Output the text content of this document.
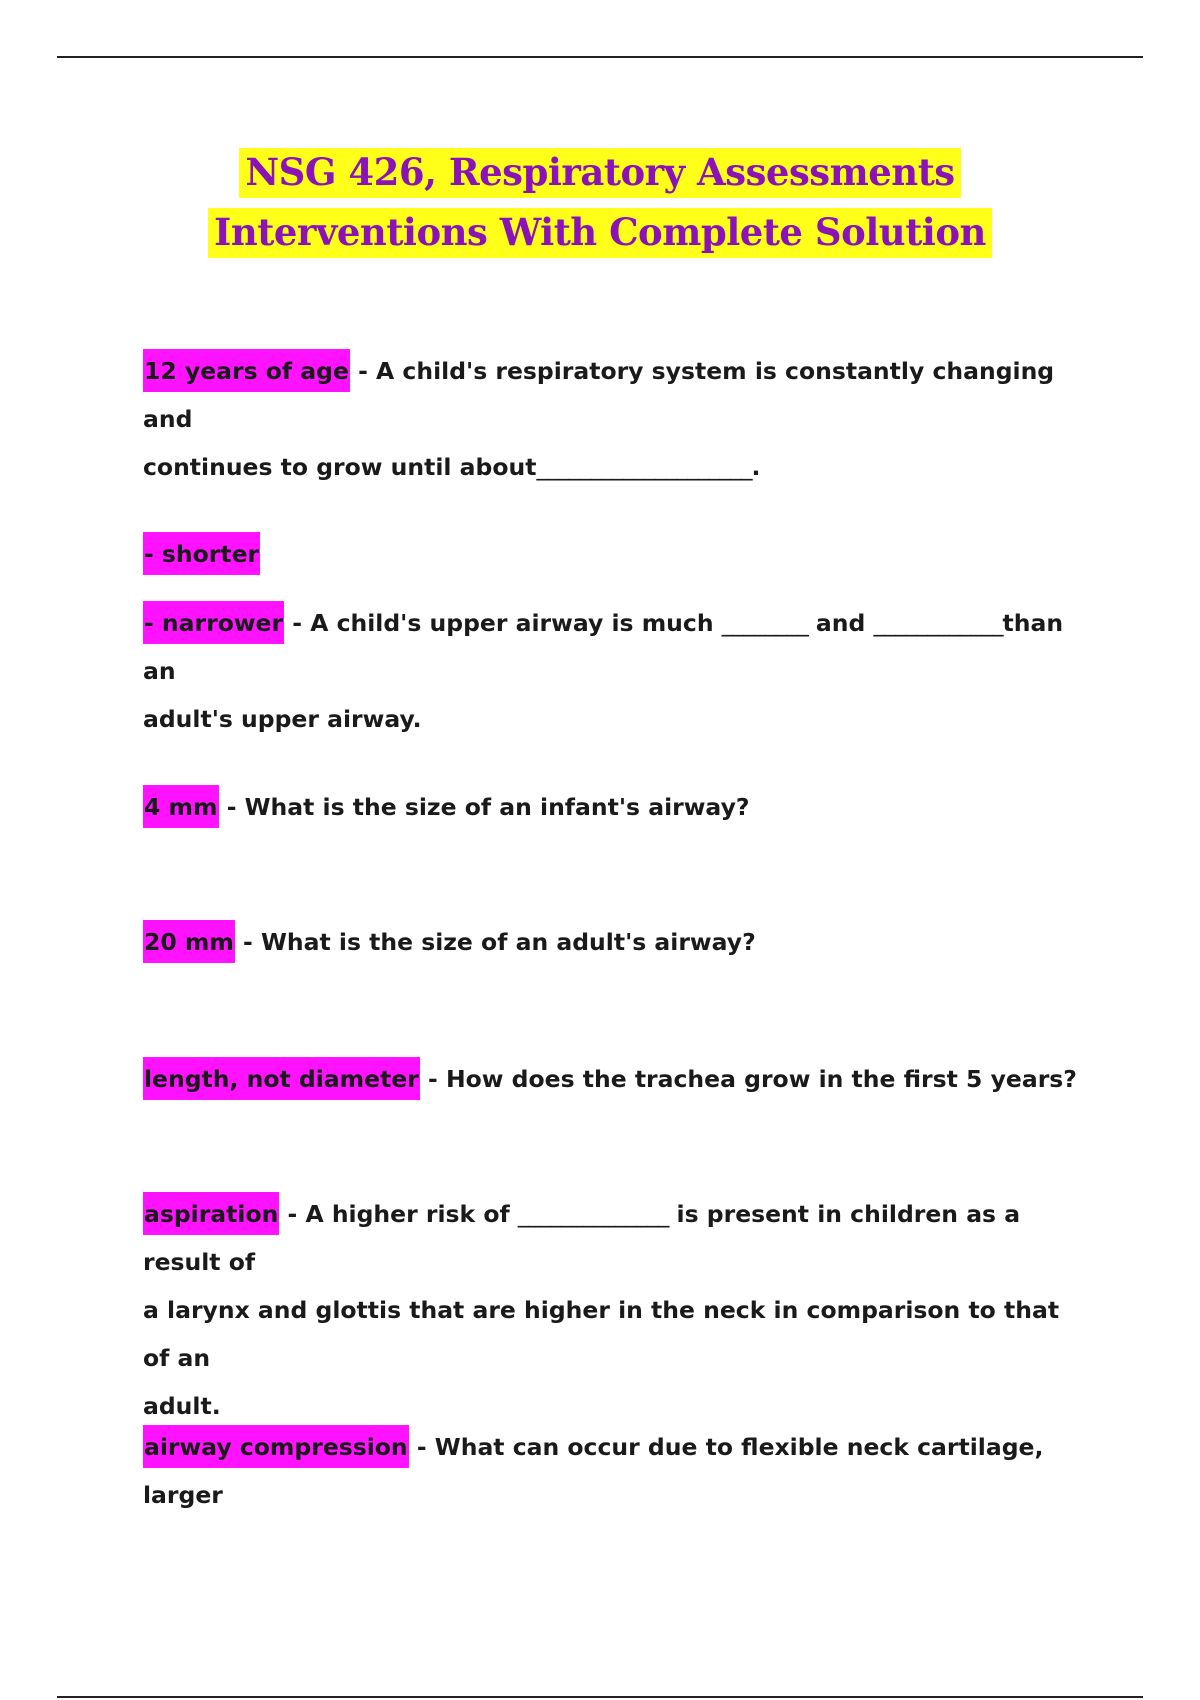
NSG 426, Respiratory Assessments
Interventions With Complete Solution
12 years of age - A child's respiratory system is constantly changing and
continues to grow until about____________________.
- shorter
- narrower - A child's upper airway is much ________ and ____________than an
adult's upper airway.
4 mm - What is the size of an infant's airway?
20 mm - What is the size of an adult's airway?
length, not diameter - How does the trachea grow in the first 5 years?
aspiration - A higher risk of ______________ is present in children as a result of
a larynx and glottis that are higher in the neck in comparison to that of an
adult.
airway compression - What can occur due to flexible neck cartilage, larger
